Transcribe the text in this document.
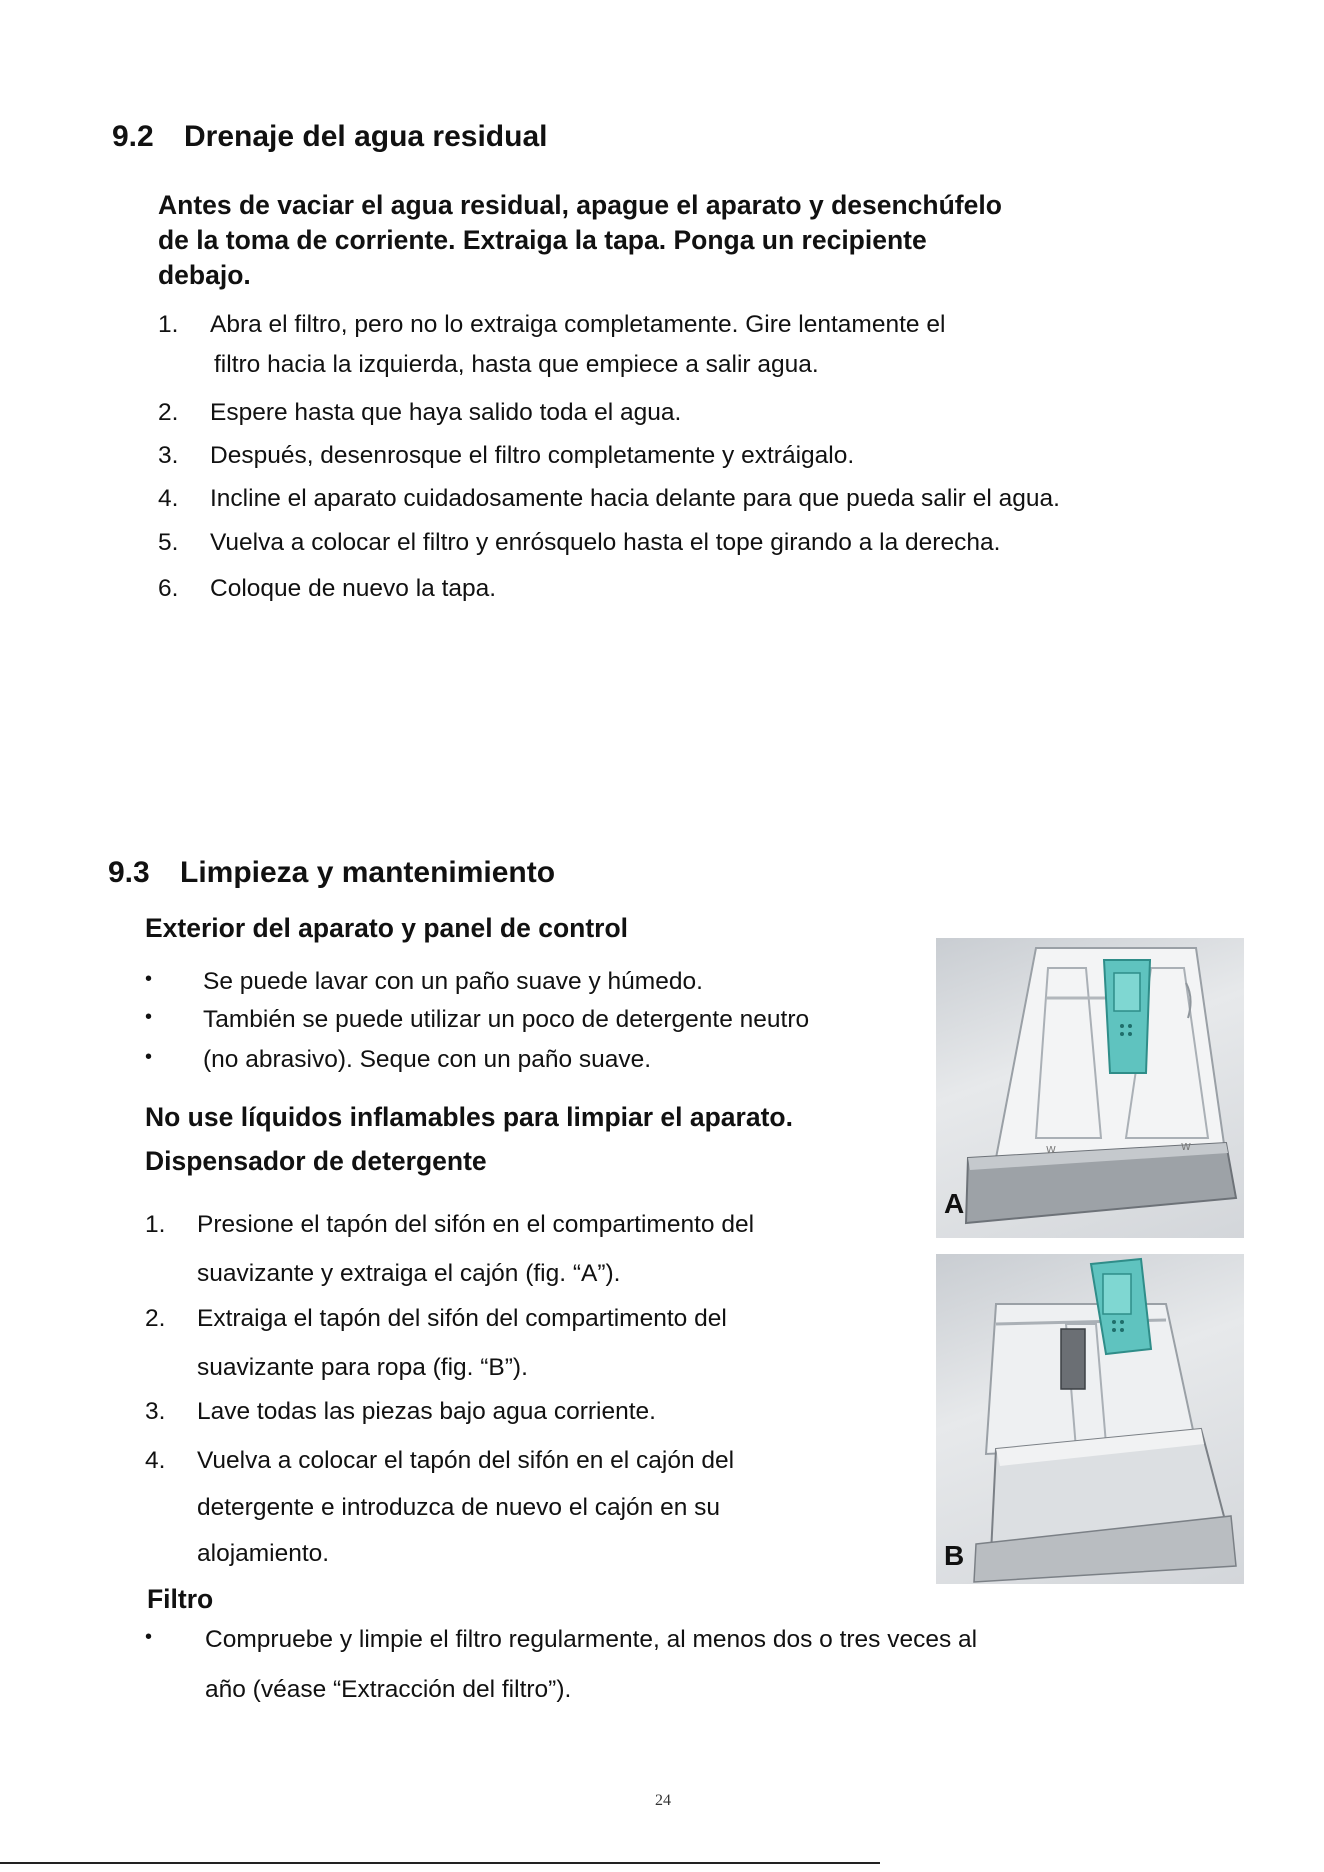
9.2 Drenaje del agua residual
Antes de vaciar el agua residual, apague el aparato y desenchúfelo
de la toma de corriente. Extraiga la tapa. Ponga un recipiente
debajo.
1. Abra el filtro, pero no lo extraiga completamente. Gire lentamente el
filtro hacia la izquierda, hasta que empiece a salir agua.
2. Espere hasta que haya salido toda el agua.
3. Después, desenrosque el filtro completamente y extráigalo.
4. Incline el aparato cuidadosamente hacia delante para que pueda salir el agua.
5. Vuelva a colocar el filtro y enrósquelo hasta el tope girando a la derecha.
6. Coloque de nuevo la tapa.
9.3 Limpieza y mantenimiento
Exterior del aparato y panel de control
• Se puede lavar con un paño suave y húmedo.
• También se puede utilizar un poco de detergente neutro
• (no abrasivo). Seque con un paño suave.
No use líquidos inflamables para limpiar el aparato.
Dispensador de detergente
1. Presione el tapón del sifón en el compartimento del
suavizante y extraiga el cajón (fig. “A”).
2. Extraiga el tapón del sifón del compartimento del
suavizante para ropa (fig. “B”).
3. Lave todas las piezas bajo agua corriente.
4. Vuelva a colocar el tapón del sifón en el cajón del
detergente e introduzca de nuevo el cajón en su
alojamiento.
Filtro
• Compruebe y limpie el filtro regularmente, al menos dos o tres veces al
año (véase “Extracción del filtro”).
W	W
A
B
24
